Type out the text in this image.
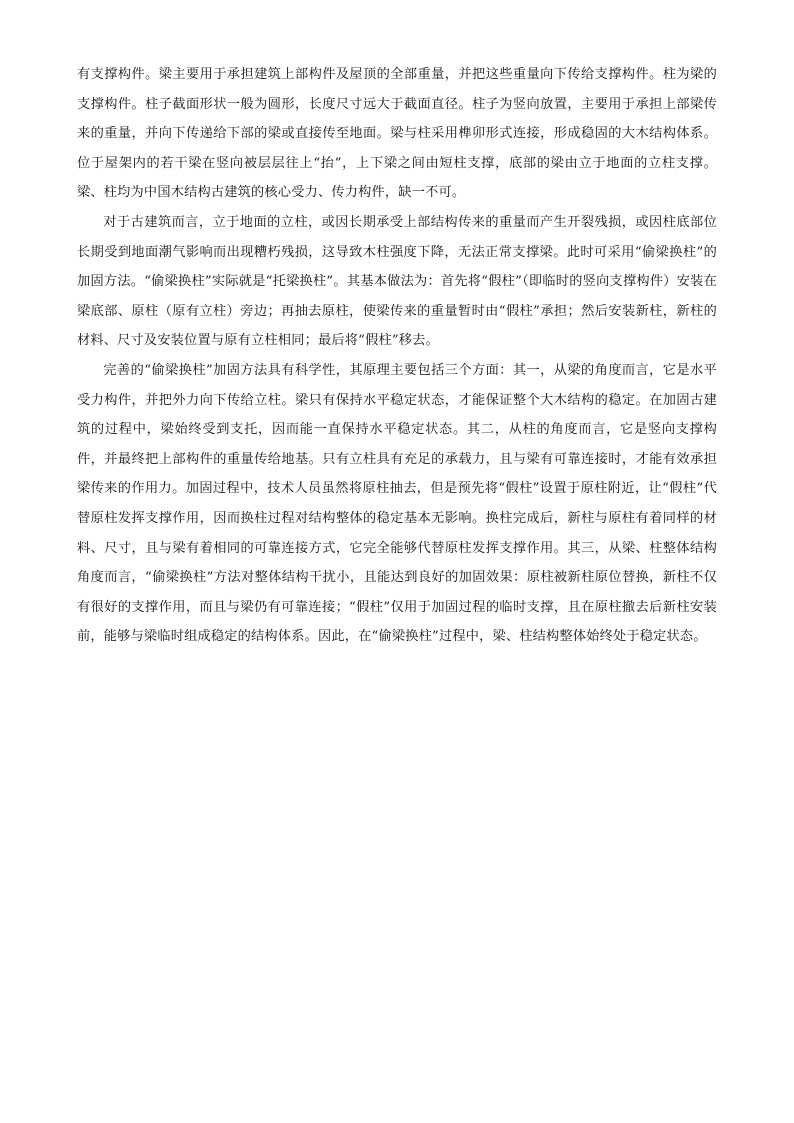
有支撑构件。梁主要用于承担建筑上部构件及屋顶的全部重量，并把这些重量向下传给支撑构件。柱为梁的支撑构件。柱子截面形状一般为圆形，长度尺寸远大于截面直径。柱子为竖向放置，主要用于承担上部梁传来的重量，并向下传递给下部的梁或直接传至地面。梁与柱采用榫卯形式连接，形成稳固的大木结构体系。位于屋架内的若干梁在竖向被层层往上“抬”，上下梁之间由短柱支撑，底部的梁由立于地面的立柱支撑。梁、柱均为中国木结构古建筑的核心受力、传力构件，缺一不可。

对于古建筑而言，立于地面的立柱，或因长期承受上部结构传来的重量而产生开裂残损，或因柱底部位长期受到地面潮气影响而出现糟朽残损，这导致木柱强度下降，无法正常支撑梁。此时可采用“偷梁换柱”的加固方法。“偷梁换柱”实际就是“托梁换柱”。其基本做法为：首先将“假柱”（即临时的竖向支撑构件）安装在梁底部、原柱（原有立柱）旁边；再抽去原柱，使梁传来的重量暂时由“假柱”承担；然后安装新柱，新柱的材料、尺寸及安装位置与原有立柱相同；最后将“假柱”移去。

完善的“偷梁换柱”加固方法具有科学性，其原理主要包括三个方面：其一，从梁的角度而言，它是水平受力构件，并把外力向下传给立柱。梁只有保持水平稳定状态，才能保证整个大木结构的稳定。在加固古建筑的过程中，梁始终受到支托，因而能一直保持水平稳定状态。其二，从柱的角度而言，它是竖向支撑构件，并最终把上部构件的重量传给地基。只有立柱具有充足的承载力，且与梁有可靠连接时，才能有效承担梁传来的作用力。加固过程中，技术人员虽然将原柱抽去，但是预先将“假柱”设置于原柱附近，让“假柱”代替原柱发挥支撑作用，因而换柱过程对结构整体的稳定基本无影响。换柱完成后，新柱与原柱有着同样的材料、尺寸，且与梁有着相同的可靠连接方式，它完全能够代替原柱发挥支撑作用。其三，从梁、柱整体结构角度而言，“偷梁换柱”方法对整体结构干扰小，且能达到良好的加固效果：原柱被新柱原位替换，新柱不仅有很好的支撑作用，而且与梁仍有可靠连接；“假柱”仅用于加固过程的临时支撑，且在原柱撤去后新柱安装前，能够与梁临时组成稳定的结构体系。因此，在“偷梁换柱”过程中，梁、柱结构整体始终处于稳定状态。
